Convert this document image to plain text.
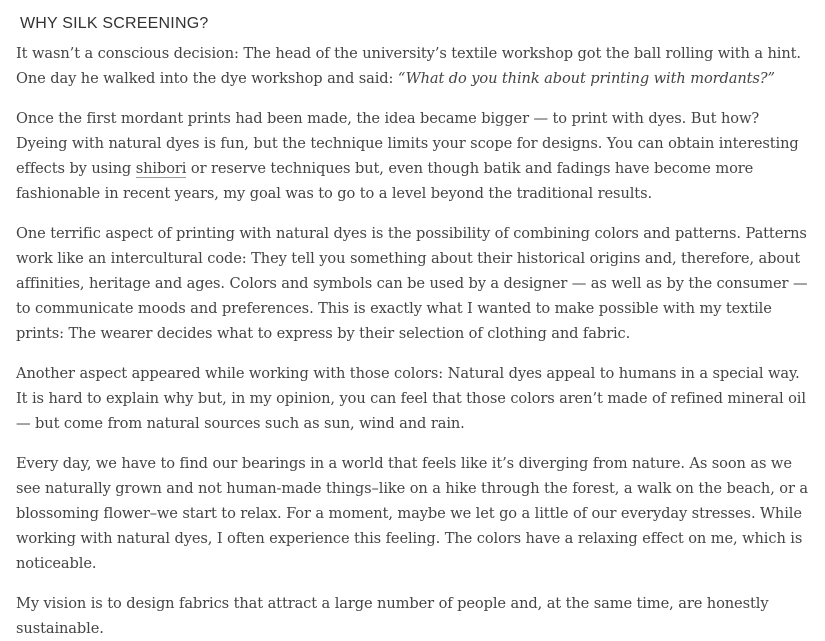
WHY SILK SCREENING?

It wasn’t a conscious decision: The head of the university’s textile workshop got the ball rolling with a hint. One day he walked into the dye workshop and said: “What do you think about printing with mordants?”

Once the first mordant prints had been made, the idea became bigger — to print with dyes. But how? Dyeing with natural dyes is fun, but the technique limits your scope for designs. You can obtain interesting effects by using shibori or reserve techniques but, even though batik and fadings have become more fashionable in recent years, my goal was to go to a level beyond the traditional results.

One terrific aspect of printing with natural dyes is the possibility of combining colors and patterns. Patterns work like an intercultural code: They tell you something about their historical origins and, therefore, about affinities, heritage and ages. Colors and symbols can be used by a designer — as well as by the consumer — to communicate moods and preferences. This is exactly what I wanted to make possible with my textile prints: The wearer decides what to express by their selection of clothing and fabric.

Another aspect appeared while working with those colors: Natural dyes appeal to humans in a special way. It is hard to explain why but, in my opinion, you can feel that those colors aren’t made of refined mineral oil — but come from natural sources such as sun, wind and rain.

Every day, we have to find our bearings in a world that feels like it’s diverging from nature. As soon as we see naturally grown and not human-made things–like on a hike through the forest, a walk on the beach, or a blossoming flower–we start to relax. For a moment, maybe we let go a little of our everyday stresses. While working with natural dyes, I often experience this feeling. The colors have a relaxing effect on me, which is noticeable.

My vision is to design fabrics that attract a large number of people and, at the same time, are honestly sustainable.
